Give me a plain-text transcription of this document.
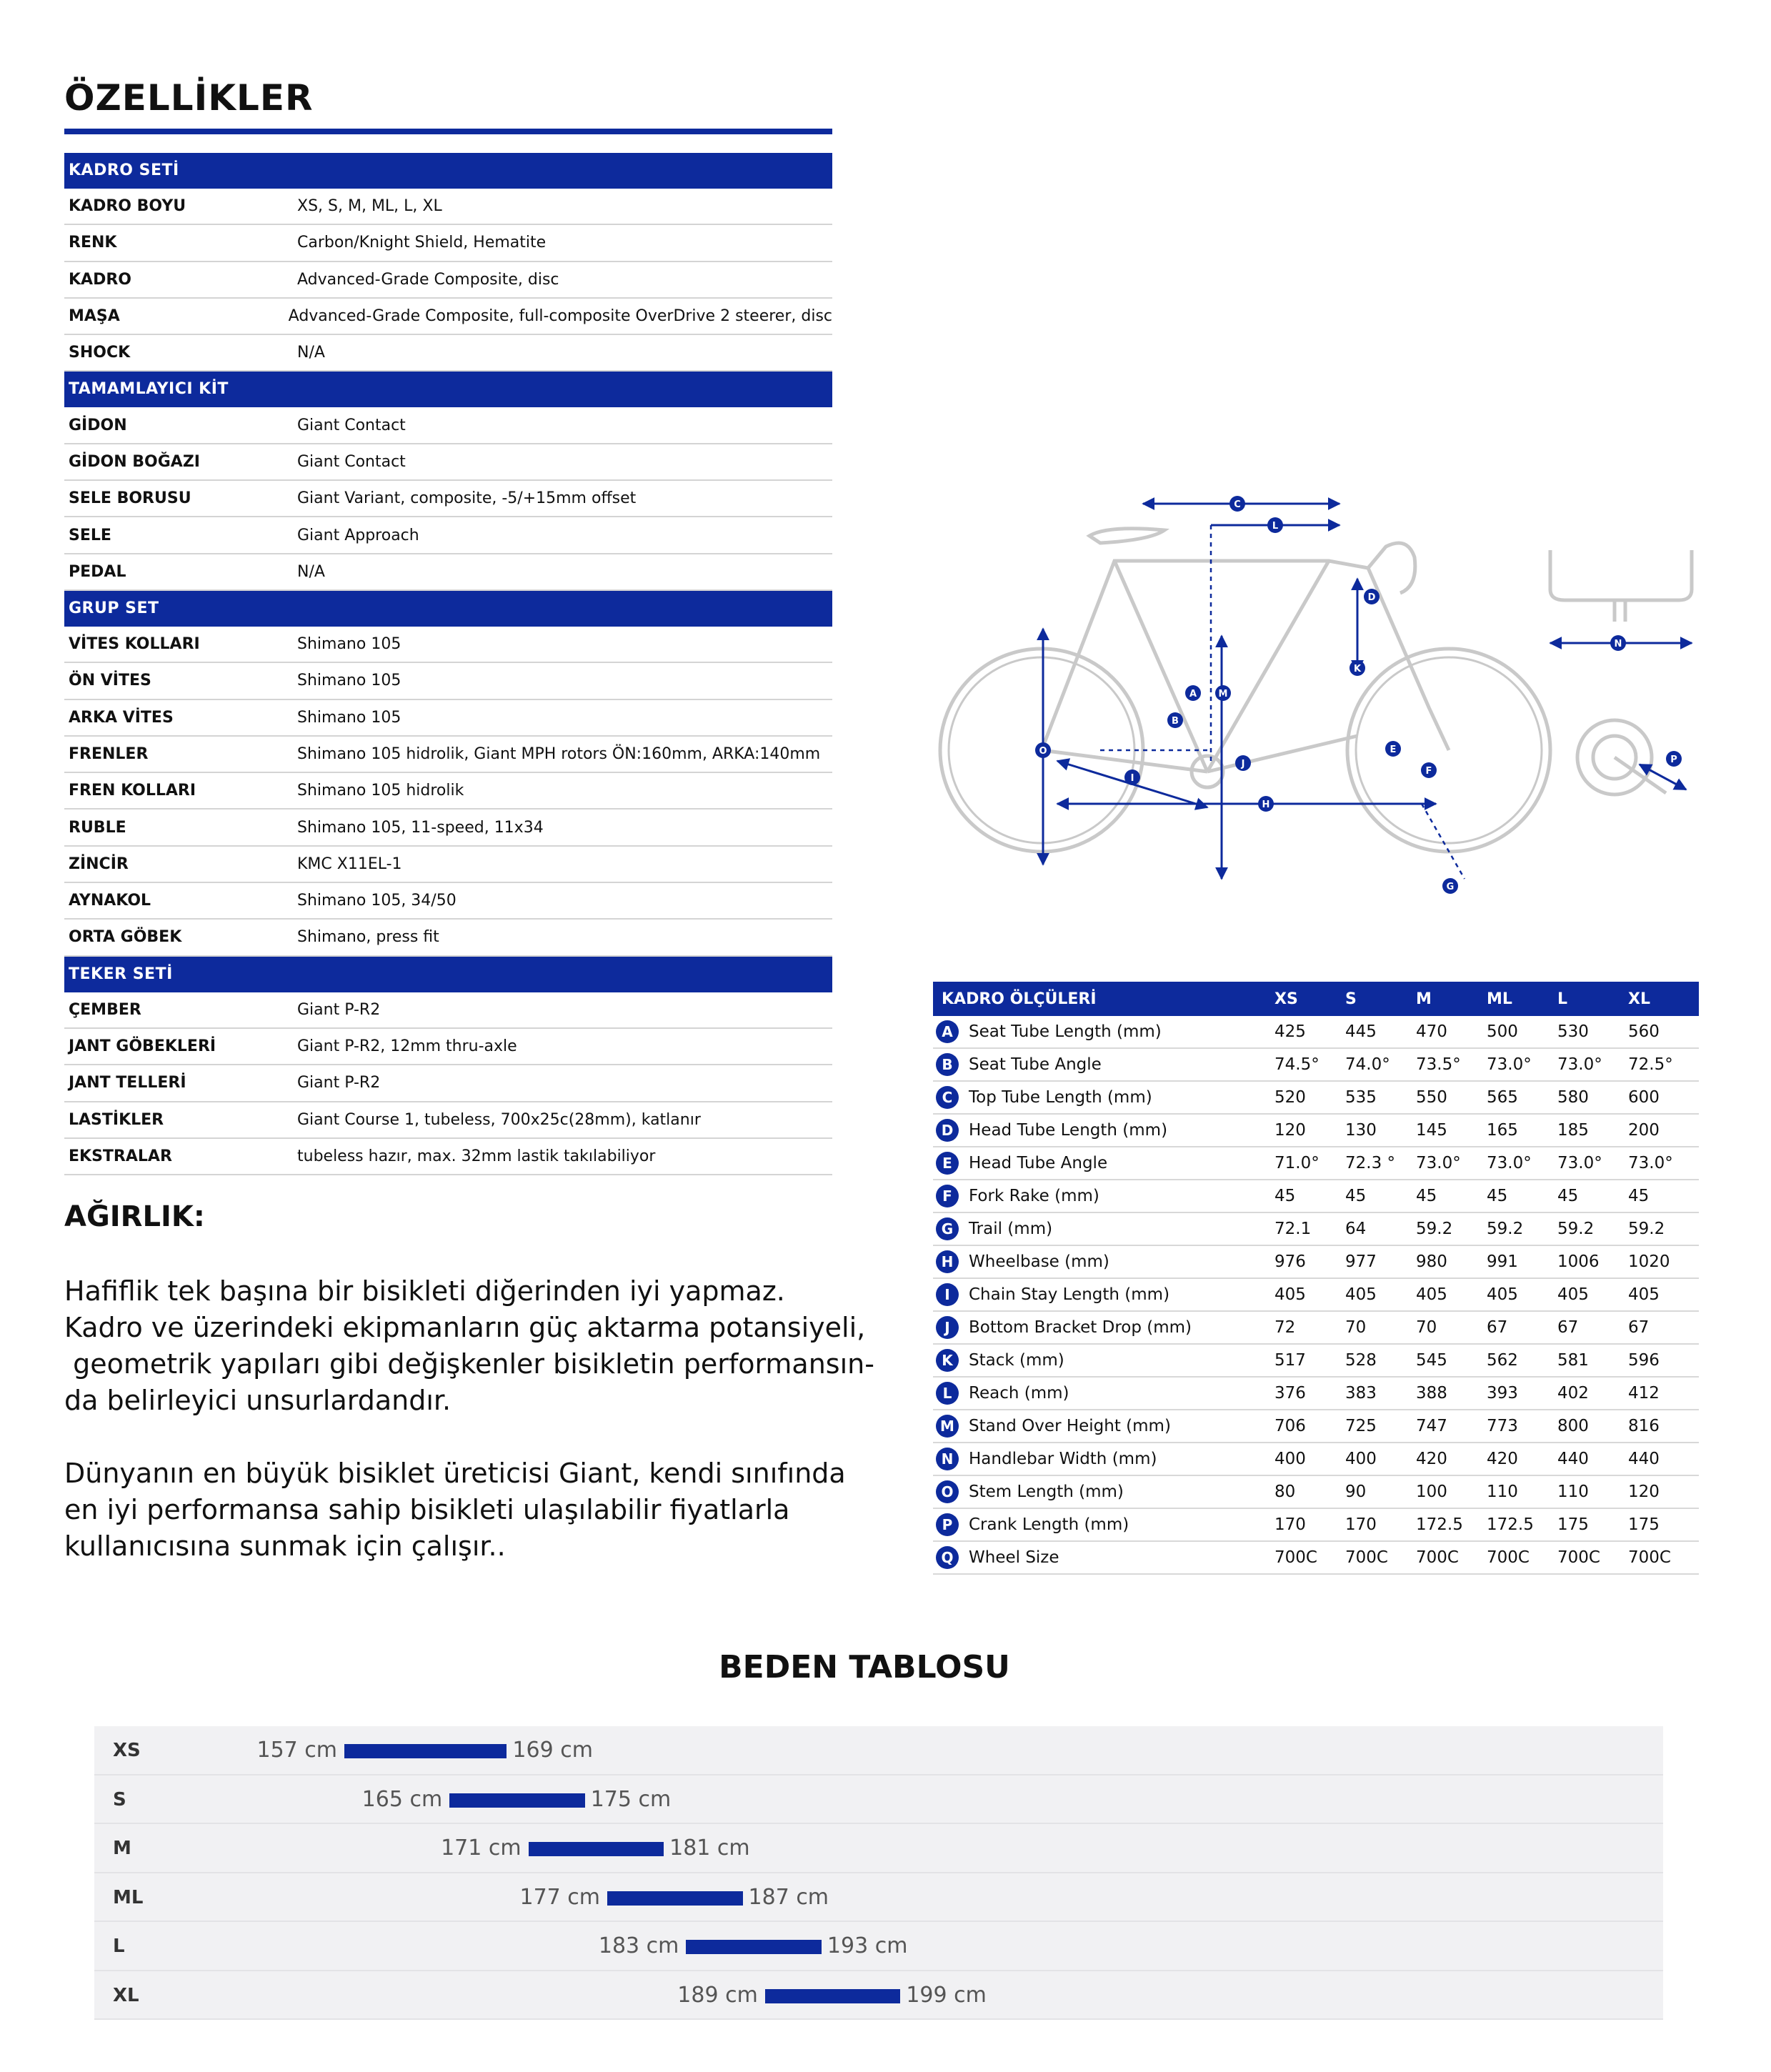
ÖZELLİKLER
KADRO SETİ
KADRO BOYU	XS, S, M, ML, L, XL
RENK	Carbon/Knight Shield, Hematite
KADRO	Advanced-Grade Composite, disc
MAŞA	Advanced-Grade Composite, full-composite OverDrive 2 steerer, disc
SHOCK	N/A
TAMAMLAYICI KİT
GİDON	Giant Contact
GİDON BOĞAZI	Giant Contact
SELE BORUSU	Giant Variant, composite, -5/+15mm offset
SELE	Giant Approach
PEDAL	N/A
GRUP SET
VİTES KOLLARI	Shimano 105
ÖN VİTES	Shimano 105
ARKA VİTES	Shimano 105
FRENLER	Shimano 105 hidrolik, Giant MPH rotors ÖN:160mm, ARKA:140mm
FREN KOLLARI	Shimano 105 hidrolik
RUBLE	Shimano 105, 11-speed, 11x34
ZİNCİR	KMC X11EL-1
AYNAKOL	Shimano 105, 34/50
ORTA GÖBEK	Shimano, press fit
TEKER SETİ
ÇEMBER	Giant P-R2
JANT GÖBEKLERİ	Giant P-R2, 12mm thru-axle
JANT TELLERİ	Giant P-R2
LASTİKLER	Giant Course 1, tubeless, 700x25c(28mm), katlanır
EKSTRALAR	tubeless hazır, max. 32mm lastik takılabiliyor
AĞIRLIK:
Hafiflik tek başına bir bisikleti diğerinden iyi yapmaz.
Kadro ve üzerindeki ekipmanların güç aktarma potansiyeli,
geometrik yapıları gibi değişkenler bisikletin performansın-
da belirleyici unsurlardandır.
Dünyanın en büyük bisiklet üreticisi Giant, kendi sınıfında
en iyi performansa sahip bisikleti ulaşılabilir fiyatlarla
kullanıcısına sunmak için çalışır..
A
B
C
D
E
F
G
H
I
J
K
L
M
N
O
P
KADRO ÖLÇÜLERİ	XS	S	M	ML	L	XL
A Seat Tube Length (mm)	425	445	470	500	530	560
B Seat Tube Angle	74.5°	74.0°	73.5°	73.0°	73.0°	72.5°
C Top Tube Length (mm)	520	535	550	565	580	600
D Head Tube Length (mm)	120	130	145	165	185	200
E	Head Tube Angle	71.0°	72.3 °	73.0°	73.0°	73.0°	73.0°
F	Fork Rake (mm)	45	45	45	45	45	45
G Trail (mm)	72.1	64	59.2	59.2	59.2	59.2
H Wheelbase (mm)	976	977	980	991	1006	1020
I	Chain Stay Length (mm)	405	405	405	405	405	405
J	Bottom Bracket Drop (mm)	72	70	70	67	67	67
K Stack (mm)	517	528	545	562	581	596
L	Reach (mm)	376	383	388	393	402	412
M Stand Over Height (mm)	706	725	747	773	800	816
N Handlebar Width (mm)	400	400	420	420	440	440
O Stem Length (mm)	80	90	100	110	110	120
P Crank Length (mm)	170	170	172.5	172.5	175	175
Q Wheel Size	700C	700C	700C	700C	700C	700C
BEDEN TABLOSU
XS	157 cm	169 cm
S	165 cm	175 cm
M	171 cm	181 cm
ML	177 cm	187 cm
L	183 cm	193 cm
XL	189 cm	199 cm
